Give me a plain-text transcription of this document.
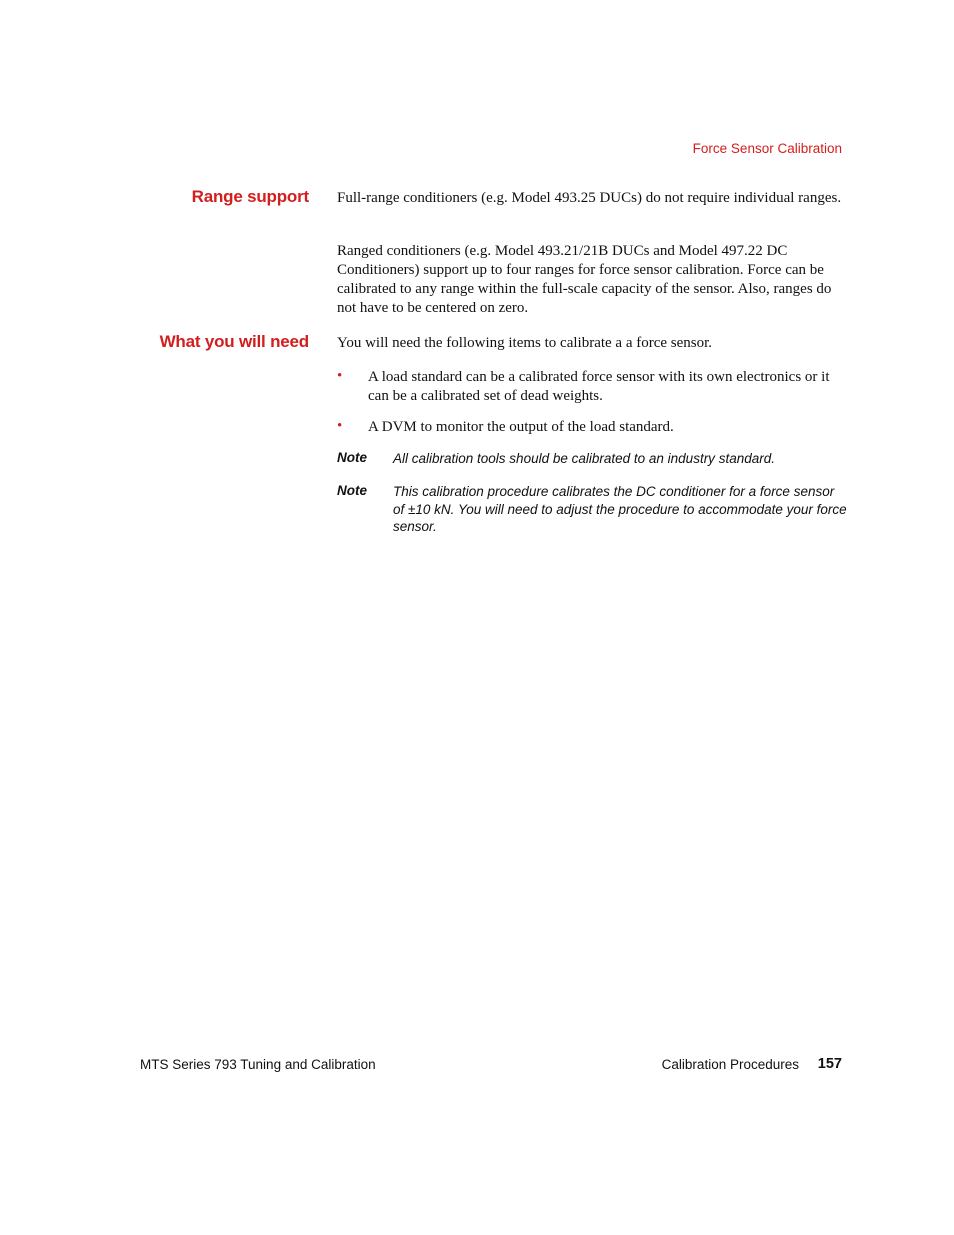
Force Sensor Calibration
Range support Full-range conditioners (e.g. Model 493.25 DUCs) do not require individual ranges.

Ranged conditioners (e.g. Model 493.21/21B DUCs and Model 497.22 DC Conditioners) support up to four ranges for force sensor calibration. Force can be calibrated to any range within the full-scale capacity of the sensor. Also, ranges do not have to be centered on zero.

What you will need You will need the following items to calibrate a a force sensor.

• A load standard can be a calibrated force sensor with its own electronics or it can be a calibrated set of dead weights.

• A DVM to monitor the output of the load standard.

Note All calibration tools should be calibrated to an industry standard.

Note This calibration procedure calibrates the DC conditioner for a force sensor of ±10 kN. You will need to adjust the procedure to accommodate your force sensor.

MTS Series 793 Tuning and Calibration	Calibration Procedures 157
